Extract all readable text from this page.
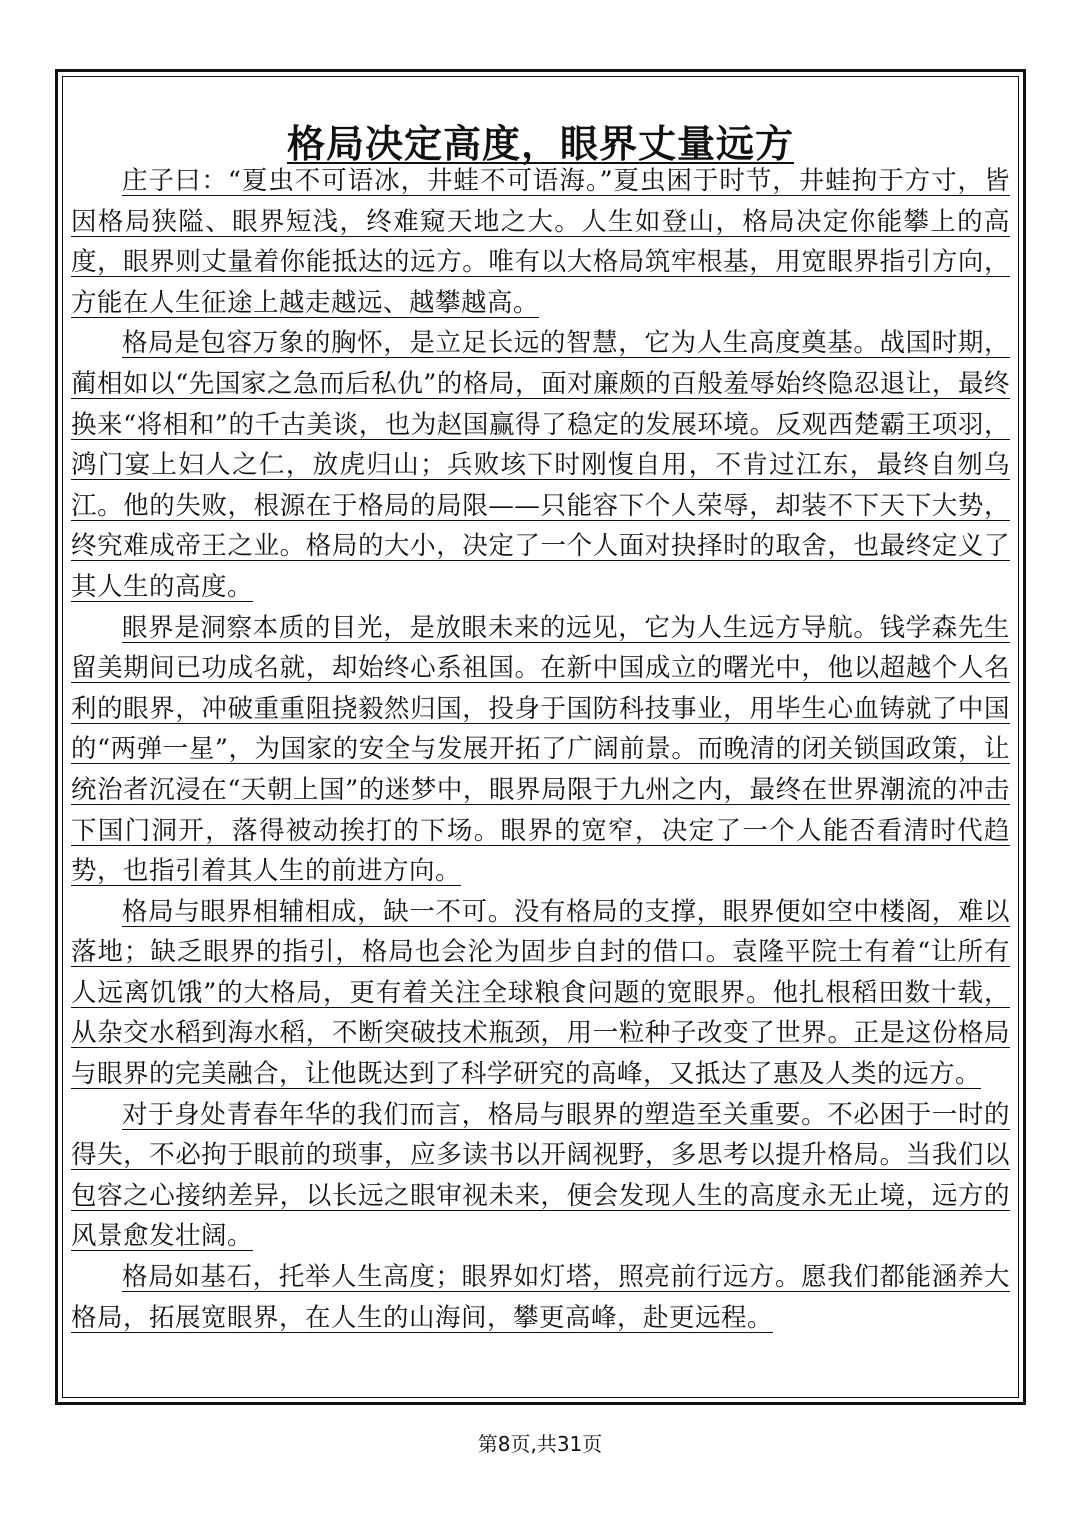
格局决定高度，眼界丈量远方

庄子曰：“夏虫不可语冰，井蛙不可语海。”夏虫困于时节，井蛙拘于方寸，皆因格局狭隘、眼界短浅，终难窥天地之大。人生如登山，格局决定你能攀上的高度，眼界则丈量着你能抵达的远方。唯有以大格局筑牢根基，用宽眼界指引方向，方能在人生征途上越走越远、越攀越高。

格局是包容万象的胸怀，是立足长远的智慧，它为人生高度奠基。战国时期，蔺相如以“先国家之急而后私仇”的格局，面对廉颇的百般羞辱始终隐忍退让，最终换来“将相和”的千古美谈，也为赵国赢得了稳定的发展环境。反观西楚霸王项羽，鸿门宴上妇人之仁，放虎归山；兵败垓下时刚愎自用，不肯过江东，最终自刎乌江。他的失败，根源在于格局的局限——只能容下个人荣辱，却装不下天下大势，终究难成帝王之业。格局的大小，决定了一个人面对抉择时的取舍，也最终定义了其人生的高度。

眼界是洞察本质的目光，是放眼未来的远见，它为人生远方导航。钱学森先生留美期间已功成名就，却始终心系祖国。在新中国成立的曙光中，他以超越个人名利的眼界，冲破重重阻挠毅然归国，投身于国防科技事业，用毕生心血铸就了中国的“两弹一星”，为国家的安全与发展开拓了广阔前景。而晚清的闭关锁国政策，让统治者沉浸在“天朝上国”的迷梦中，眼界局限于九州之内，最终在世界潮流的冲击下国门洞开，落得被动挨打的下场。眼界的宽窄，决定了一个人能否看清时代趋势，也指引着其人生的前进方向。

格局与眼界相辅相成，缺一不可。没有格局的支撑，眼界便如空中楼阁，难以落地；缺乏眼界的指引，格局也会沦为固步自封的借口。袁隆平院士有着“让所有人远离饥饿”的大格局，更有着关注全球粮食问题的宽眼界。他扎根稻田数十载，从杂交水稻到海水稻，不断突破技术瓶颈，用一粒种子改变了世界。正是这份格局与眼界的完美融合，让他既达到了科学研究的高峰，又抵达了惠及人类的远方。

对于身处青春年华的我们而言，格局与眼界的塑造至关重要。不必困于一时的得失，不必拘于眼前的琐事，应多读书以开阔视野，多思考以提升格局。当我们以包容之心接纳差异，以长远之眼审视未来，便会发现人生的高度永无止境，远方的风景愈发壮阔。

格局如基石，托举人生高度；眼界如灯塔，照亮前行远方。愿我们都能涵养大格局，拓展宽眼界，在人生的山海间，攀更高峰，赴更远程。

第8页,共31页
